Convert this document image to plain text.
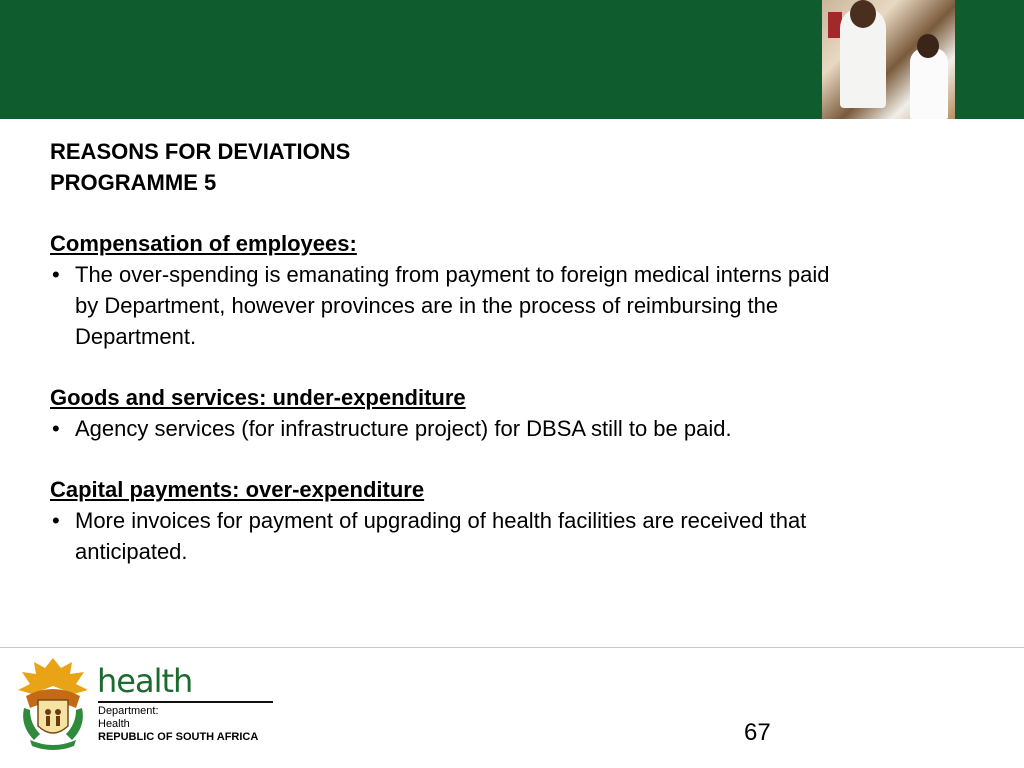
REASONS FOR DEVIATIONS
PROGRAMME 5
Compensation of employees:
• The over-spending is emanating from payment to foreign medical interns paid
by Department, however provinces are in the process of reimbursing the
Department.
Goods and services: under-expenditure
• Agency services (for infrastructure project) for DBSA still to be paid.
Capital payments: over-expenditure
• More invoices for payment of upgrading of health facilities are received that
anticipated.
health
Department:
Health
REPUBLIC OF SOUTH AFRICA	67
